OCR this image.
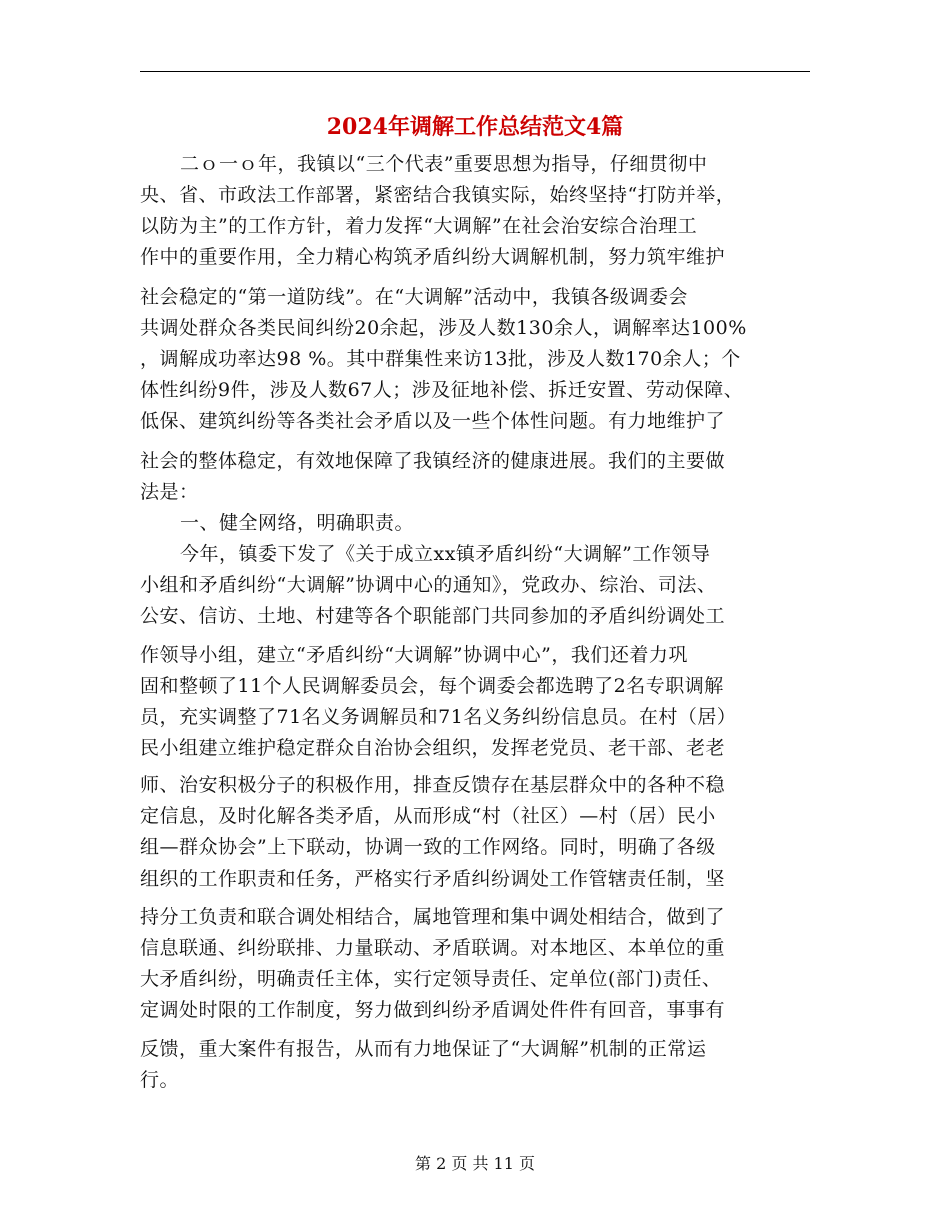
2024年调解工作总结范文4篇
二ｏ一ｏ年，我镇以“三个代表”重要思想为指导，仔细贯彻中
央、省、市政法工作部署，紧密结合我镇实际，始终坚持“打防并举，
以防为主”的工作方针，着力发挥“大调解”在社会治安综合治理工
作中的重要作用，全力精心构筑矛盾纠纷大调解机制，努力筑牢维护
社会稳定的“第一道防线”。在“大调解”活动中，我镇各级调委会
共调处群众各类民间纠纷20余起，涉及人数130余人，调解率达100%
，调解成功率达98 %。其中群集性来访13批，涉及人数170余人；个
体性纠纷9件，涉及人数67人；涉及征地补偿、拆迁安置、劳动保障、
低保、建筑纠纷等各类社会矛盾以及一些个体性问题。有力地维护了
社会的整体稳定，有效地保障了我镇经济的健康进展。我们的主要做
法是：
一、健全网络，明确职责。
今年，镇委下发了《关于成立xx镇矛盾纠纷“大调解”工作领导
小组和矛盾纠纷“大调解”协调中心的通知》，党政办、综治、司法、
公安、信访、土地、村建等各个职能部门共同参加的矛盾纠纷调处工
作领导小组，建立“矛盾纠纷“大调解”协调中心”，我们还着力巩
固和整顿了11个人民调解委员会，每个调委会都选聘了2名专职调解
员，充实调整了71名义务调解员和71名义务纠纷信息员。在村（居）
民小组建立维护稳定群众自治协会组织，发挥老党员、老干部、老老
师、治安积极分子的积极作用，排查反馈存在基层群众中的各种不稳
定信息，及时化解各类矛盾，从而形成“村（社区）—村（居）民小
组—群众协会”上下联动，协调一致的工作网络。同时，明确了各级
组织的工作职责和任务，严格实行矛盾纠纷调处工作管辖责任制，坚
持分工负责和联合调处相结合，属地管理和集中调处相结合，做到了
信息联通、纠纷联排、力量联动、矛盾联调。对本地区、本单位的重
大矛盾纠纷，明确责任主体，实行定领导责任、定单位(部门)责任、
定调处时限的工作制度，努力做到纠纷矛盾调处件件有回音，事事有
反馈，重大案件有报告，从而有力地保证了“大调解”机制的正常运
行。
第 2 页 共 11 页
